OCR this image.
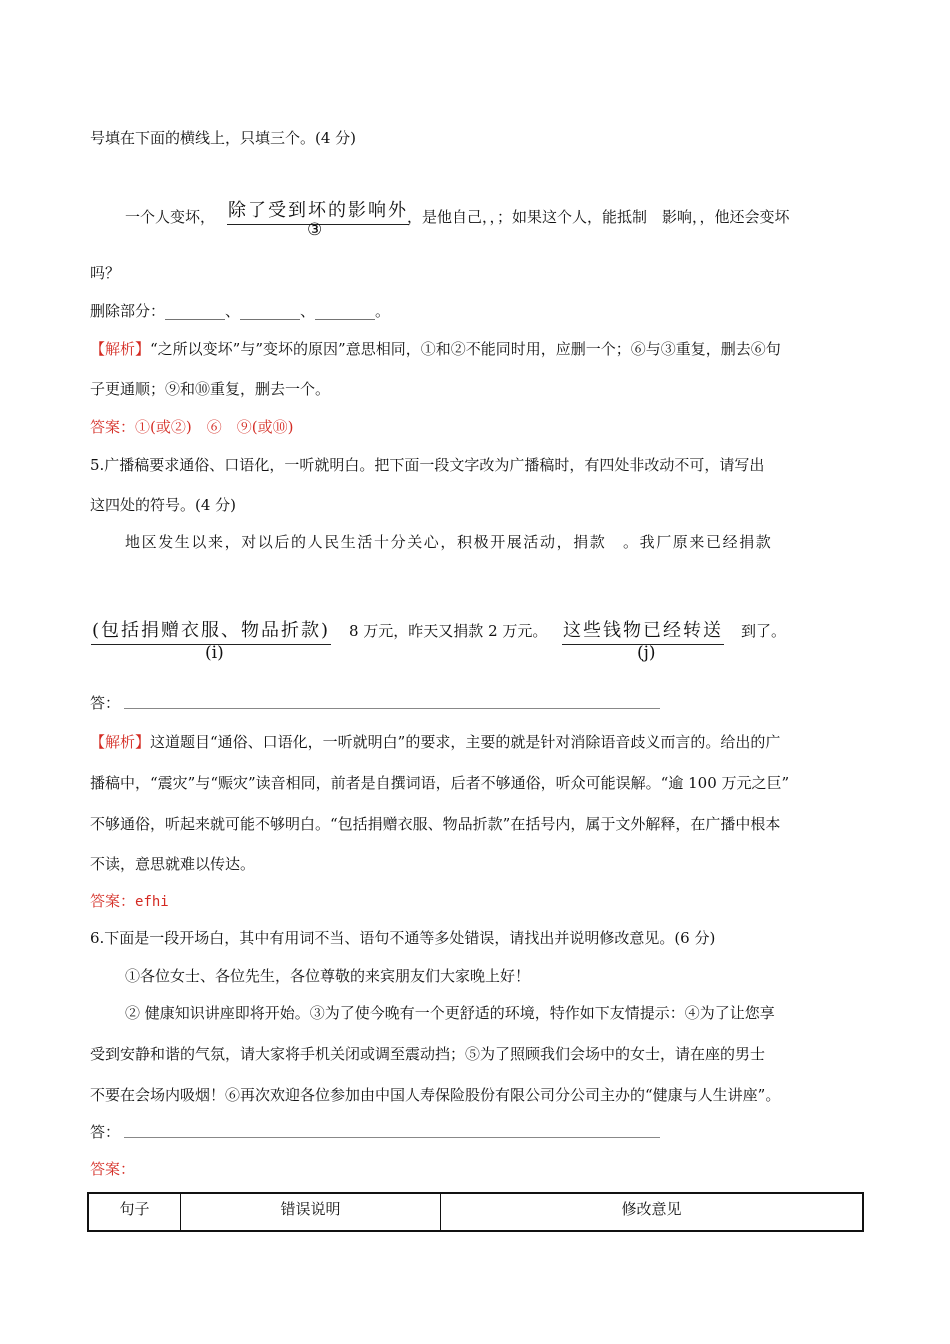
号填在下面的横线上，只填三个。(4 分)
一个人变坏， 除了受到坏的影响外
③
，是他自己，，；如果这个人，能抵制　影响，，他还会变坏
吗？
删除部分：________、________、________。
【解析】“之所以变坏”与”变坏的原因”意思相同，①和②不能同时用，应删一个；⑥与③重复，删去⑥句
子更通顺；⑨和⑩重复，删去一个。
答案：①(或②)　⑥　⑨(或⑩)
5.广播稿要求通俗、口语化，一听就明白。把下面一段文字改为广播稿时，有四处非改动不可，请写出
这四处的符号。(4 分)
地区发生以来，对以后的人民生活十分关心，积极开展活动，捐款　。我厂原来已经捐款
(包括捐赠衣服、物品折款)
(i)
8 万元，昨天又捐款 2 万元。 这些钱物已经转送
(j)
到了。
答：
【解析】这道题目“通俗、口语化，一听就明白”的要求，主要的就是针对消除语音歧义而言的。给出的广
播稿中，“震灾”与“赈灾”读音相同，前者是自撰词语，后者不够通俗，听众可能误解。“逾 100 万元之巨”
不够通俗，听起来就可能不够明白。“包括捐赠衣服、物品折款”在括号内，属于文外解释，在广播中根本
不读，意思就难以传达。
答案：efhi
6.下面是一段开场白，其中有用词不当、语句不通等多处错误，请找出并说明修改意见。(6 分)
①各位女士、各位先生，各位尊敬的来宾朋友们大家晚上好！
② 健康知识讲座即将开始。③为了使今晚有一个更舒适的环境，特作如下友情提示：④为了让您享
受到安静和谐的气氛，请大家将手机关闭或调至震动挡；⑤为了照顾我们会场中的女士，请在座的男士
不要在会场内吸烟！⑥再次欢迎各位参加由中国人寿保险股份有限公司分公司主办的“健康与人生讲座”。
答：
答案：
句子	错误说明	修改意见
